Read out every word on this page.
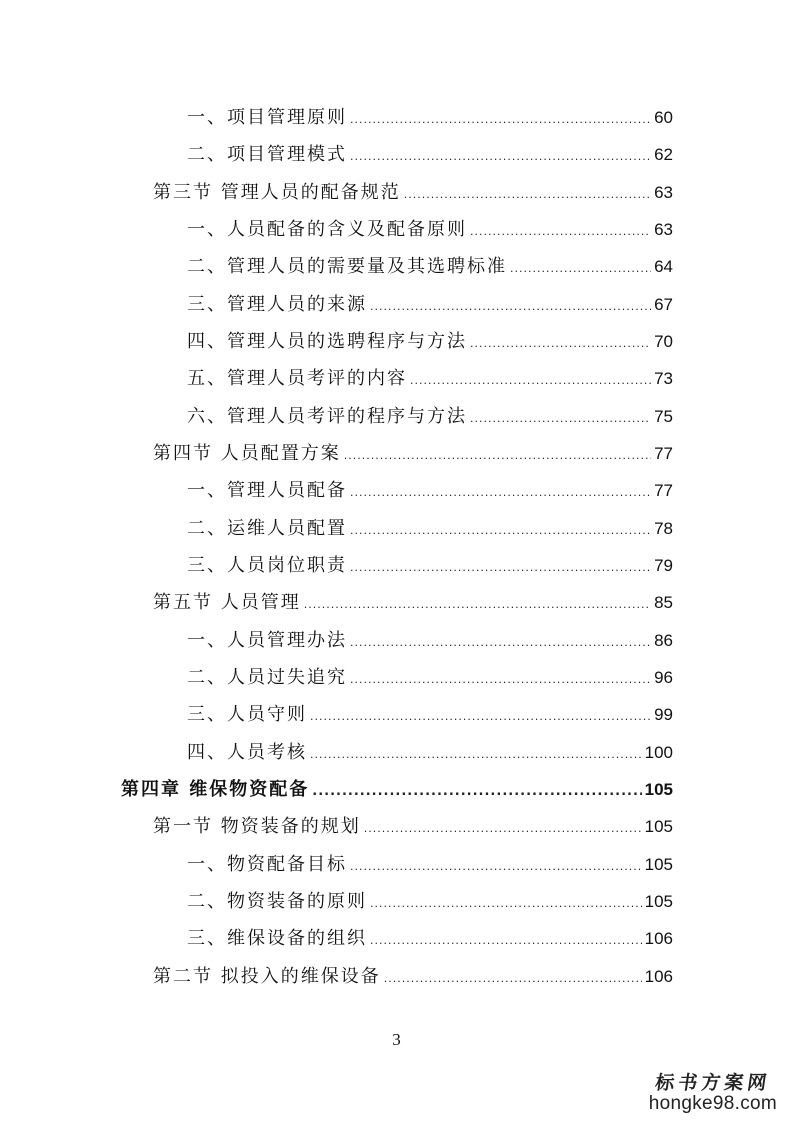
一、项目管理原则 .....	60
二、项目管理模式 .....	62
第三节 管理人员的配备规范 .....	63
一、人员配备的含义及配备原则 .....	63
二、管理人员的需要量及其选聘标准 .....	64
三、管理人员的来源 .....	67
四、管理人员的选聘程序与方法 .....	70
五、管理人员考评的内容 .....	73
六、管理人员考评的程序与方法 .....	75
第四节 人员配置方案 .....	77
一、管理人员配备 .....	77
二、运维人员配置 .....	78
三、人员岗位职责 .....	79
第五节 人员管理 .....	85
一、人员管理办法 .....	86
二、人员过失追究 .....	96
三、人员守则 .....	99
四、人员考核 .....	100
第四章 维保物资配备 .....	105
第一节 物资装备的规划 .....	105
一、物资配备目标 .....	105
二、物资装备的原则 .....	105
三、维保设备的组织 .....	106
第二节 拟投入的维保设备 .....	106
3
标书方案网
hongke98.com
